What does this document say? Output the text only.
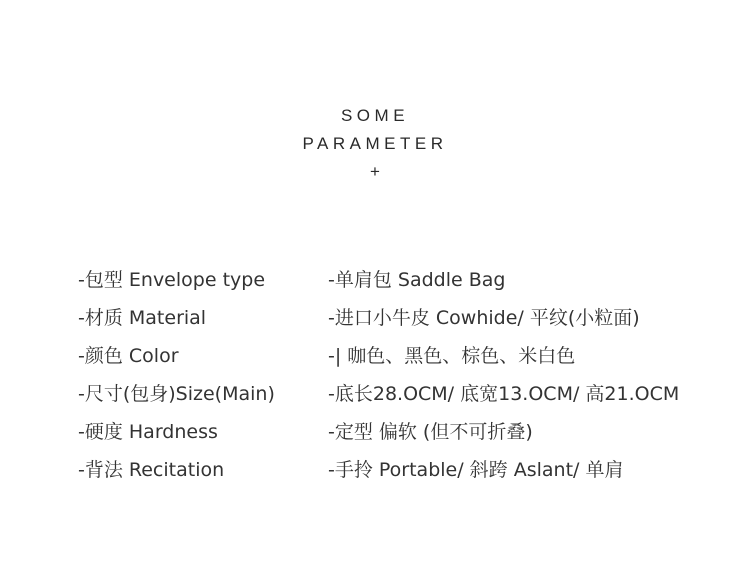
SOME
PARAMETER
+
-包型 Envelope type	-单肩包 Saddle Bag
-材质 Material	-进口小牛皮 Cowhide/ 平纹(小粒面)
-颜色 Color	-| 咖色、黑色、棕色、米白色
-尺寸(包身)Size(Main)	-底长28.OCM/ 底宽13.OCM/ 高21.OCM
-硬度 Hardness	-定型 偏软 (但不可折叠)
-背法 Recitation	-手拎 Portable/ 斜跨 Aslant/ 单肩
